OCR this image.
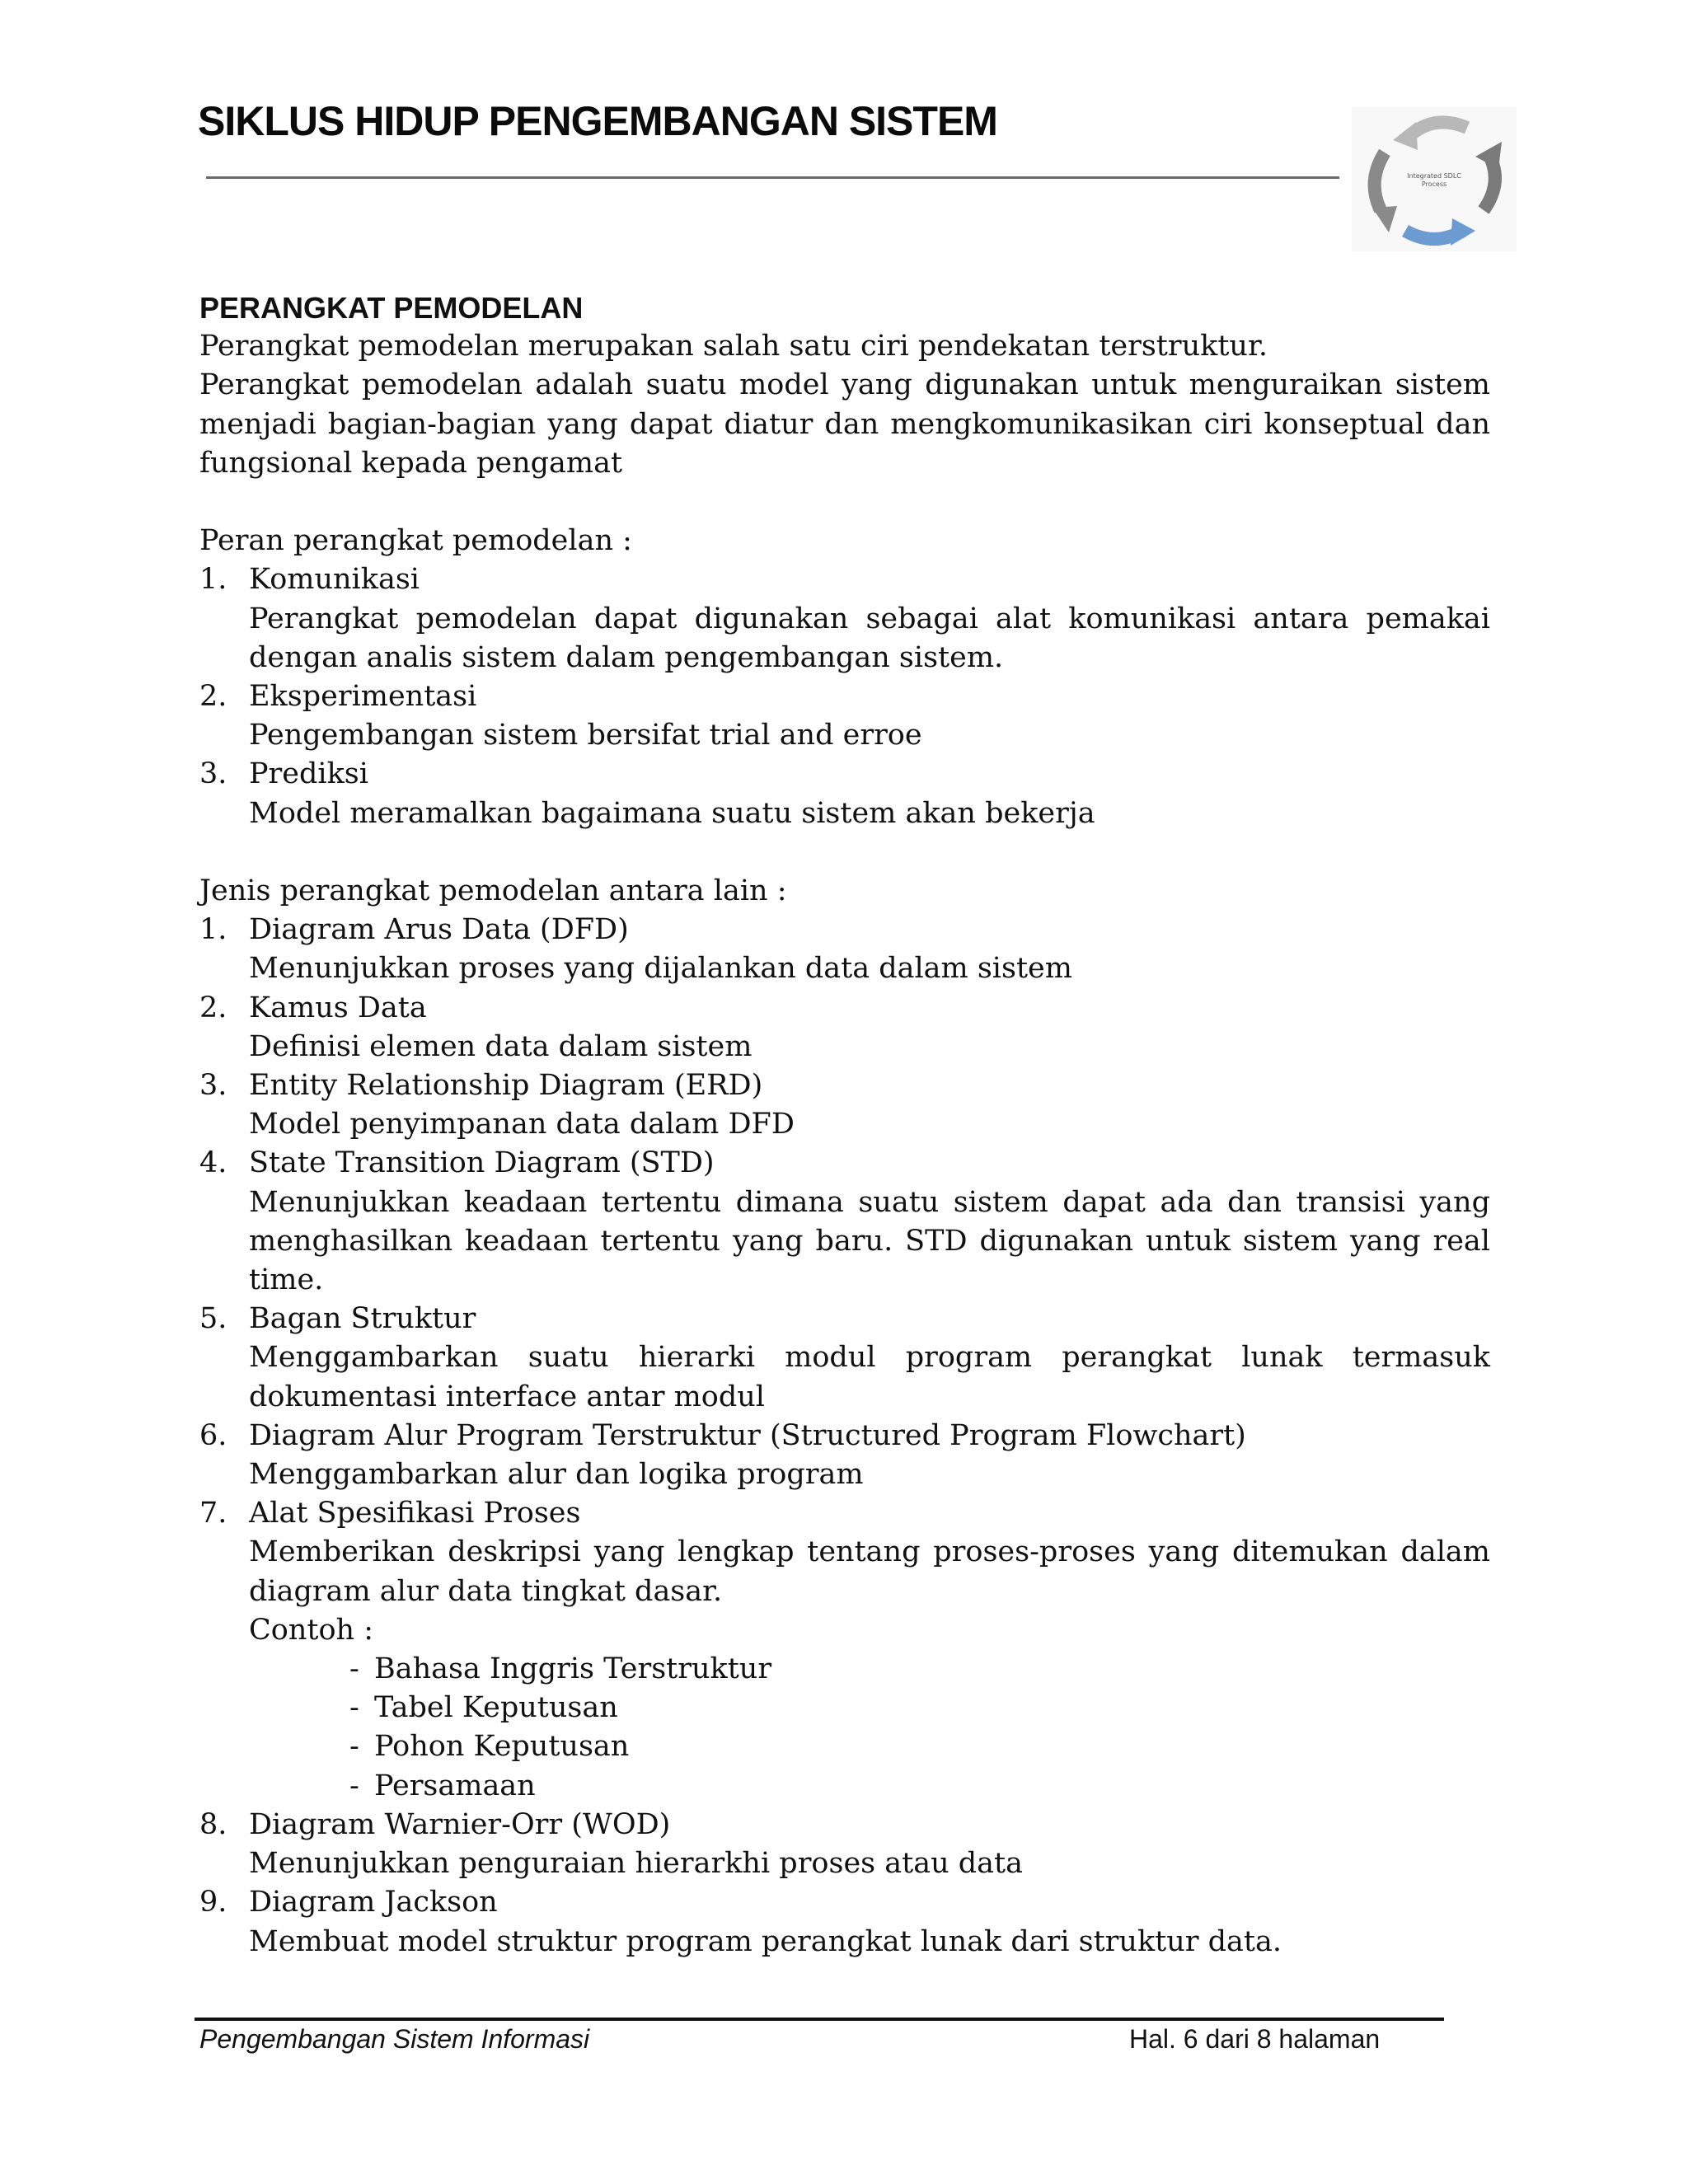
SIKLUS HIDUP PENGEMBANGAN SISTEM
Integrated SDLC
Process
PERANGKAT PEMODELAN

Perangkat pemodelan merupakan salah satu ciri pendekatan terstruktur.

Perangkat pemodelan adalah suatu model yang digunakan untuk menguraikan sistem menjadi bagian-bagian yang dapat diatur dan mengkomunikasikan ciri konseptual dan fungsional kepada pengamat

Peran perangkat pemodelan :

1. Komunikasi
Perangkat pemodelan dapat digunakan sebagai alat komunikasi antara pemakai dengan analis sistem dalam pengembangan sistem.
2. Eksperimentasi
Pengembangan sistem bersifat trial and erroe
3. Prediksi
Model meramalkan bagaimana suatu sistem akan bekerja

Jenis perangkat pemodelan antara lain :

1. Diagram Arus Data (DFD)
Menunjukkan proses yang dijalankan data dalam sistem
2. Kamus Data
Definisi elemen data dalam sistem
3. Entity Relationship Diagram (ERD)
Model penyimpanan data dalam DFD
4. State Transition Diagram (STD)
Menunjukkan keadaan tertentu dimana suatu sistem dapat ada dan transisi yang menghasilkan keadaan tertentu yang baru. STD digunakan untuk sistem yang real time.
5. Bagan Struktur
Menggambarkan suatu hierarki modul program perangkat lunak termasuk dokumentasi interface antar modul
6. Diagram Alur Program Terstruktur (Structured Program Flowchart)
Menggambarkan alur dan logika program
7. Alat Spesifikasi Proses
Memberikan deskripsi yang lengkap tentang proses-proses yang ditemukan dalam diagram alur data tingkat dasar.
Contoh :
- Bahasa Inggris Terstruktur
- Tabel Keputusan
- Pohon Keputusan
- Persamaan
8. Diagram Warnier-Orr (WOD)
Menunjukkan penguraian hierarkhi proses atau data
9. Diagram Jackson
Membuat model struktur program perangkat lunak dari struktur data.
Pengembangan Sistem Informasi	Hal. 6 dari 8 halaman
